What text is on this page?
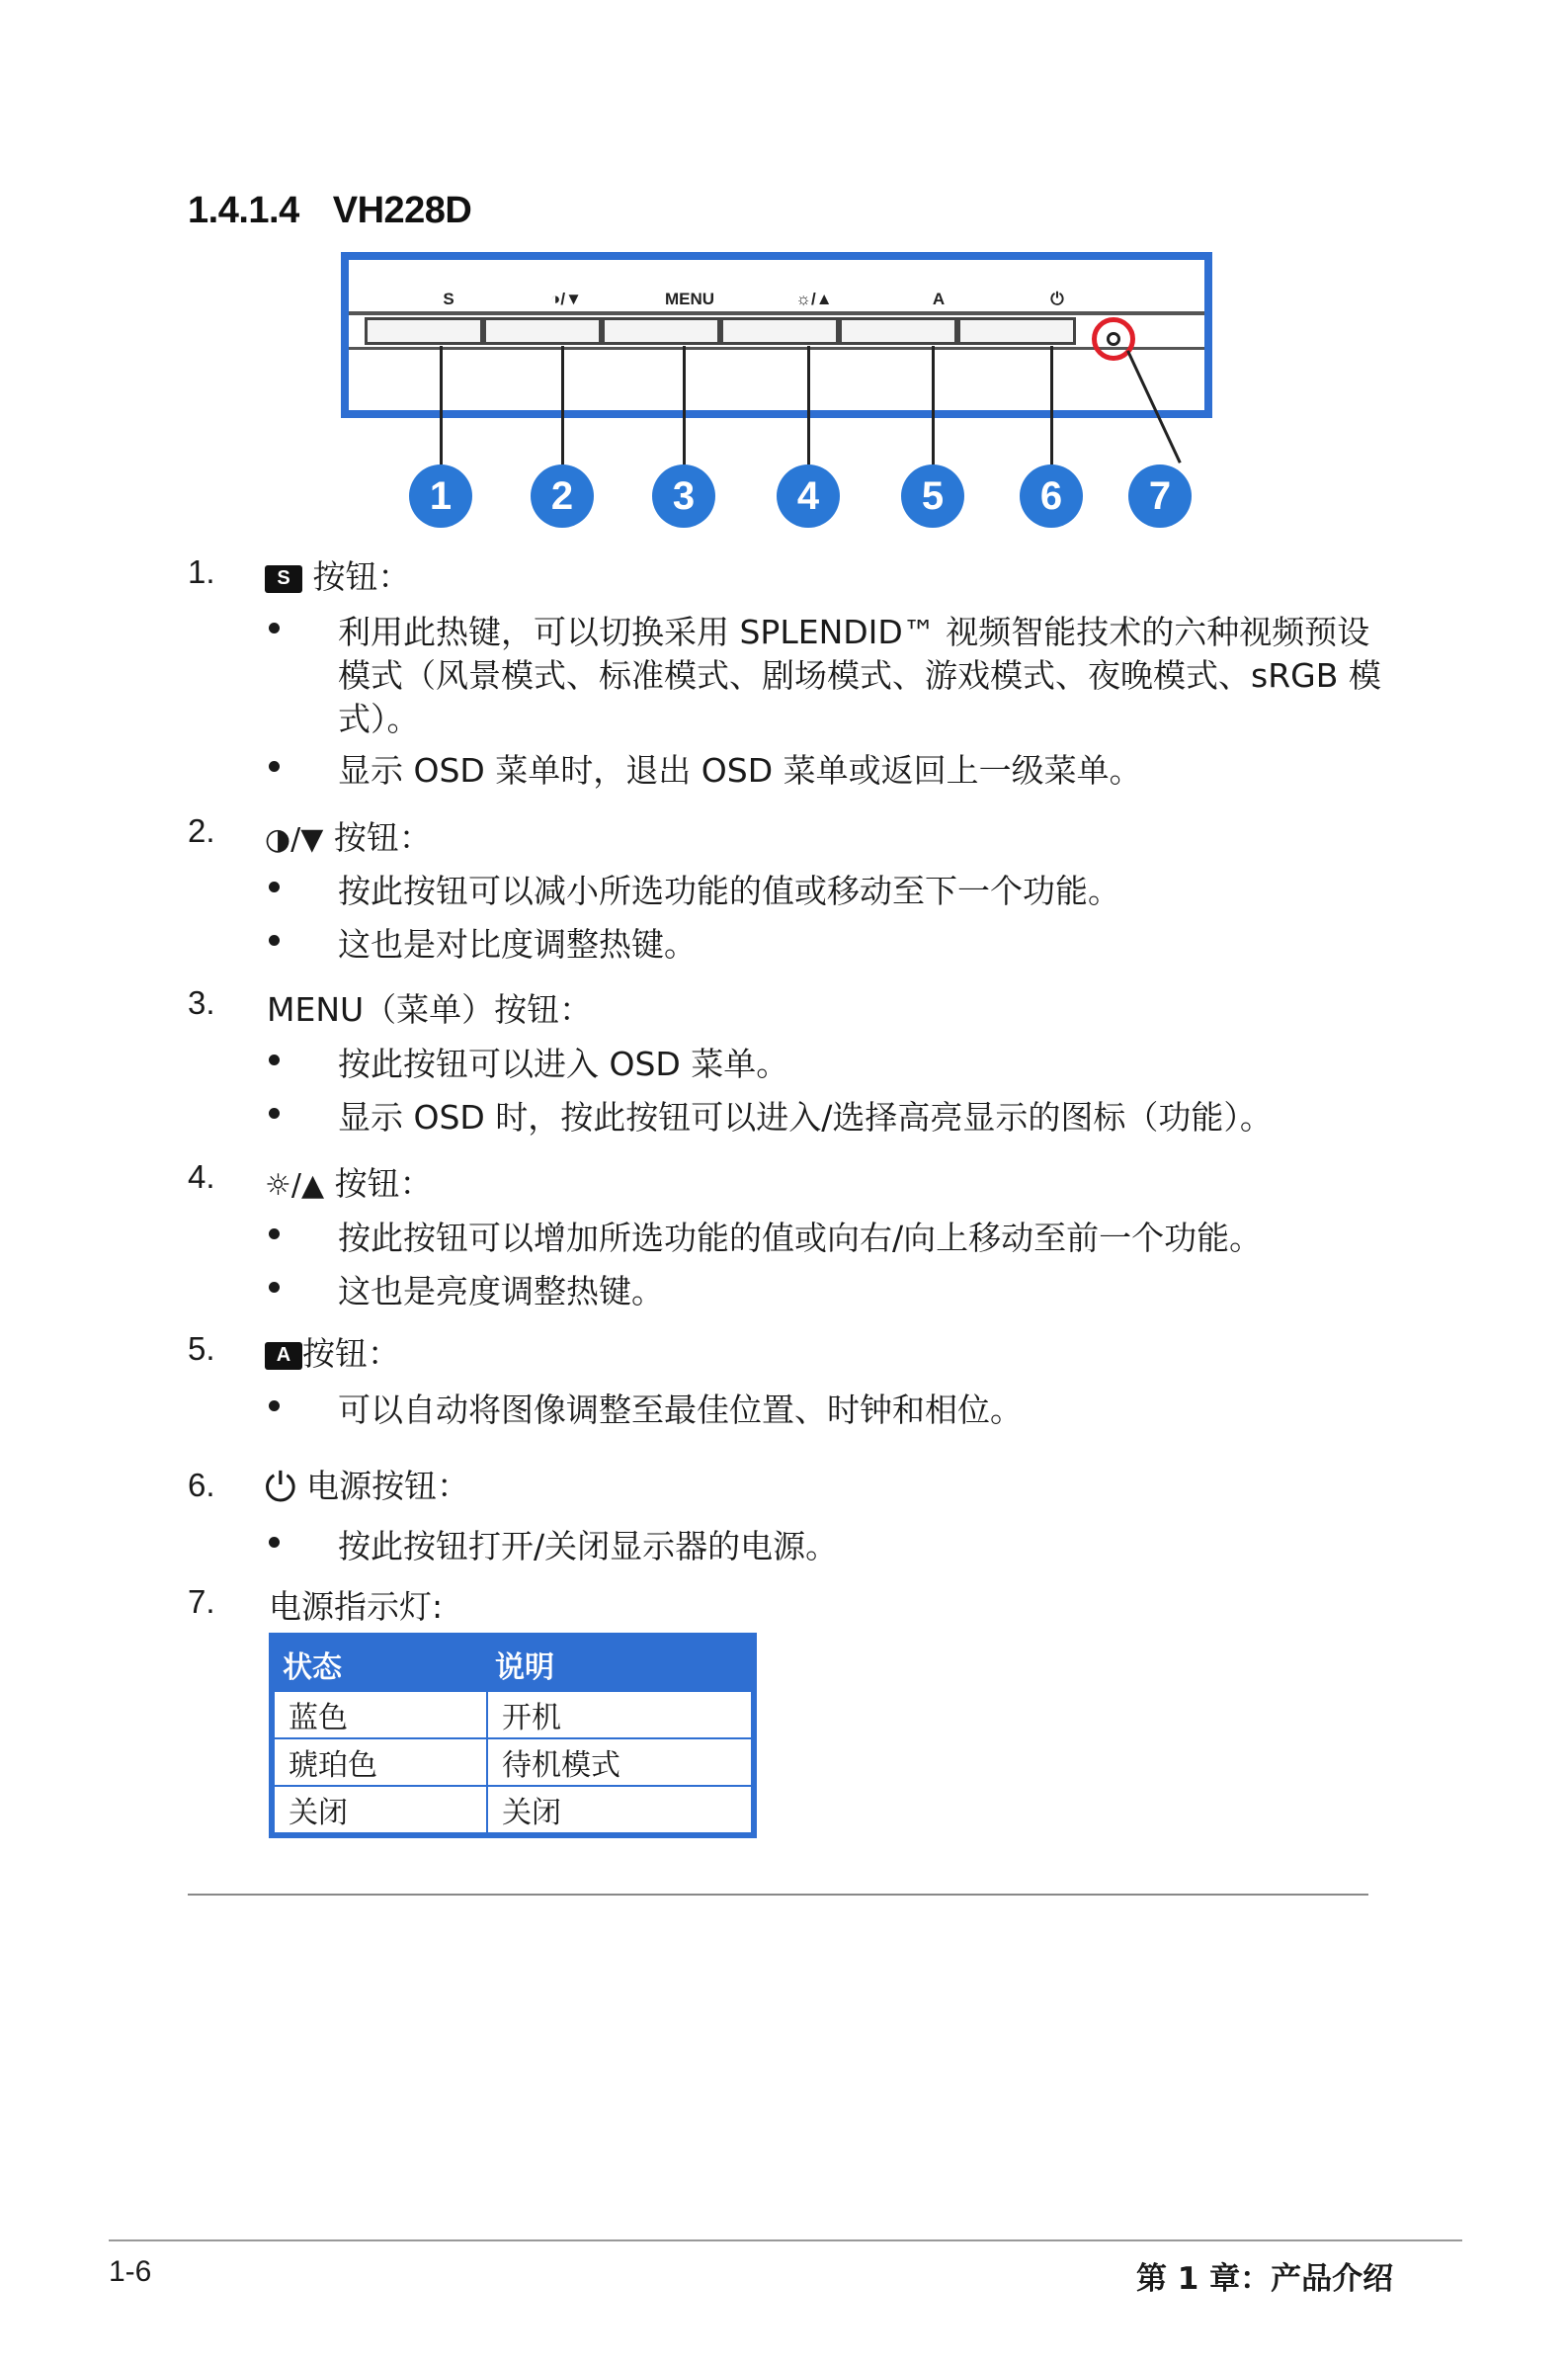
1.4.1.4 VH228D
S	◑/▼	MENU	☼/▲	A	⏻
1	2	3	4	5	6	7
1.	S 按钮：
利用此热键，可以切换采用 SPLENDID™ 视频智能技术的六种视频预设
模式（风景模式、标准模式、剧场模式、游戏模式、夜晚模式、sRGB 模
式）。
显示 OSD 菜单时，退出 OSD 菜单或返回上一级菜单。
2. ◑/▼ 按钮：
按此按钮可以减小所选功能的值或移动至下一个功能。
这也是对比度调整热键。
3. MENU（菜单）按钮：
按此按钮可以进入 OSD 菜单。
显示 OSD 时，按此按钮可以进入/选择高亮显示的图标（功能）。
4. ☼/▲ 按钮：
按此按钮可以增加所选功能的值或向右/向上移动至前一个功能。
这也是亮度调整热键。
5.	A 按钮：
可以自动将图像调整至最佳位置、时钟和相位。
6. ⏻ 电源按钮：
按此按钮打开/关闭显示器的电源。
7. 电源指示灯:
状态	说明
蓝色	开机
琥珀色	待机模式
关闭	关闭
1-6	第 1 章：产品介绍
